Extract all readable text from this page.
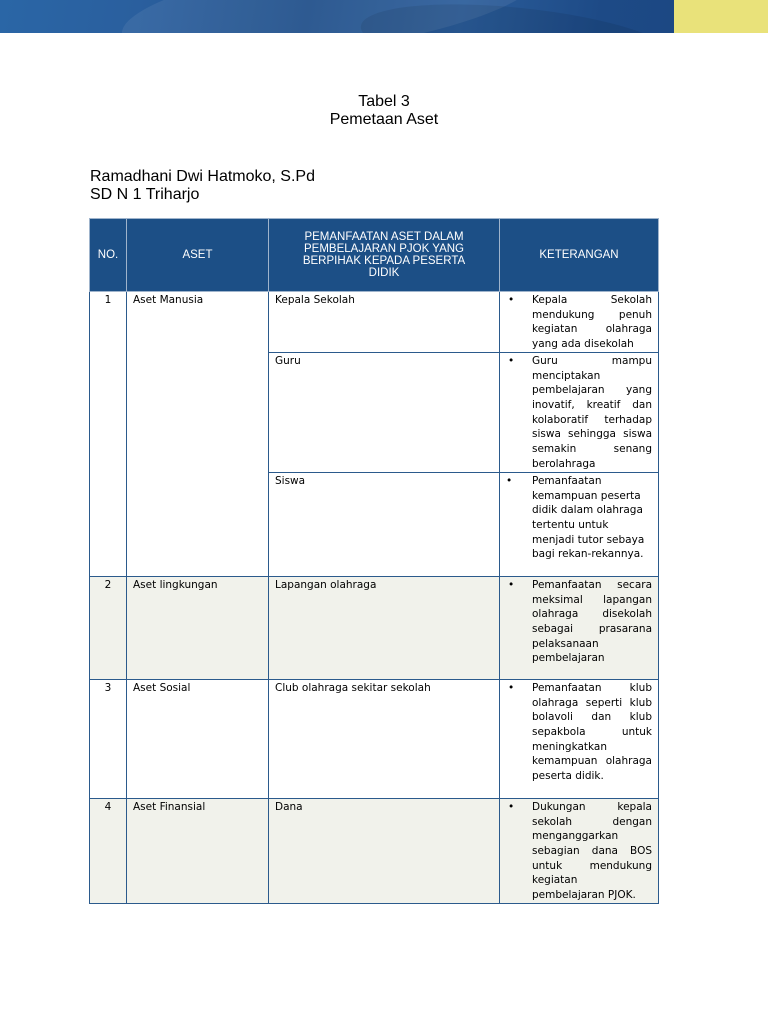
Tabel 3
Pemetaan Aset
Ramadhani Dwi Hatmoko, S.Pd
SD N 1 Triharjo
NO.	ASET	PEMANFAATAN ASET DALAM PEMBELAJARAN PJOK YANG BERPIHAK KEPADA PESERTA DIDIK	KETERANGAN
1	Aset Manusia	Kepala Sekolah	• Kepala Sekolah mendukung penuh kegiatan olahraga yang ada disekolah

		Guru	• Guru mampu menciptakan pembelajaran yang inovatif, kreatif dan kolaboratif terhadap siswa sehingga siswa semakin senang berolahraga

		Siswa	• Pemanfaatan kemampuan peserta didik dalam olahraga tertentu untuk menjadi tutor sebaya bagi rekan-rekannya.

2	Aset lingkungan	Lapangan olahraga	• Pemanfaatan secara meksimal lapangan olahraga disekolah sebagai prasarana pelaksanaan pembelajaran

3	Aset Sosial	Club olahraga sekitar sekolah	• Pemanfaatan klub olahraga seperti klub bolavoli dan klub sepakbola untuk meningkatkan kemampuan olahraga peserta didik.

4	Aset Finansial	Dana	• Dukungan kepala sekolah dengan menganggarkan sebagian dana BOS untuk mendukung kegiatan pembelajaran PJOK.
